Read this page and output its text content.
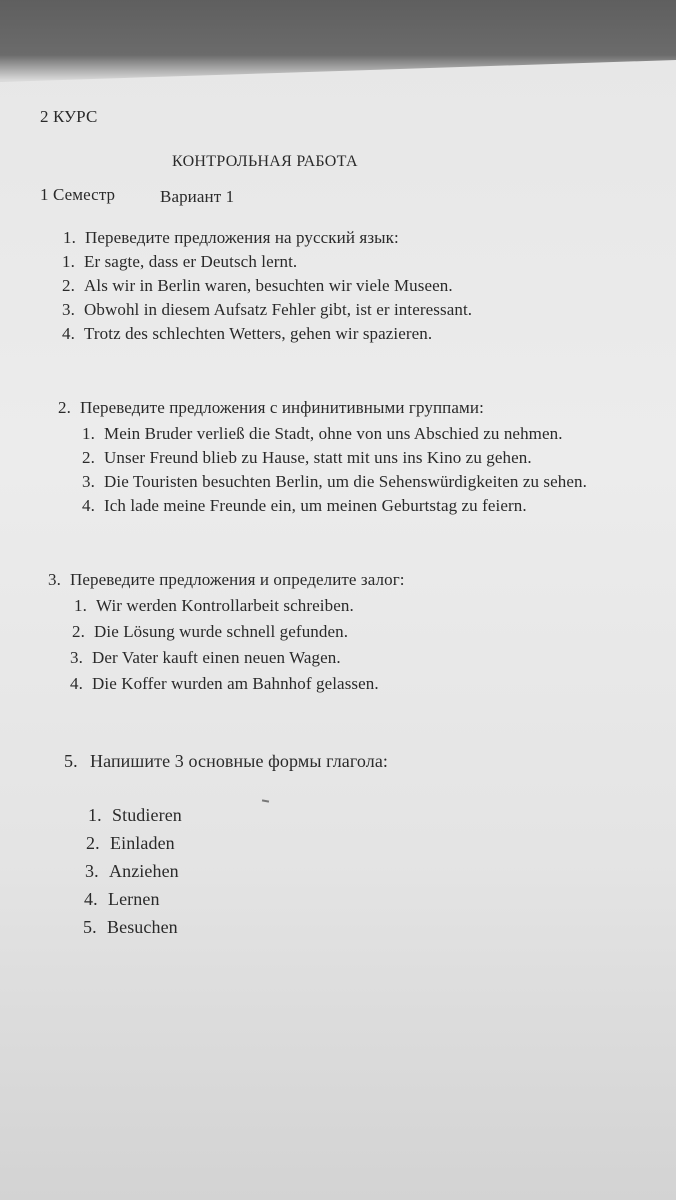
2 КУРС
КОНТРОЛЬНАЯ РАБОТА
1 Семестр	Вариант 1
1. Переведите предложения на русский язык:
1. Er sagte, dass er Deutsch lernt.
2. Als wir in Berlin waren, besuchten wir viele Museen.
3. Obwohl in diesem Aufsatz Fehler gibt, ist er interessant.
4. Trotz des schlechten Wetters, gehen wir spazieren.
2. Переведите предложения с инфинитивными группами:
1. Mein Bruder verließ die Stadt, ohne von uns Abschied zu nehmen.
2. Unser Freund blieb zu Hause, statt mit uns ins Kino zu gehen.
3. Die Touristen besuchten Berlin, um die Sehenswürdigkeiten zu sehen.
4. Ich lade meine Freunde ein, um meinen Geburtstag zu feiern.
3. Переведите предложения и определите залог:
1. Wir werden Kontrollarbeit schreiben.
2. Die Lösung wurde schnell gefunden.
3. Der Vater kauft einen neuen Wagen.
4. Die Koffer wurden am Bahnhof gelassen.
5. Напишите 3 основные формы глагола:
1. Studieren
2. Einladen
3. Anziehen
4. Lernen
5. Besuchen
